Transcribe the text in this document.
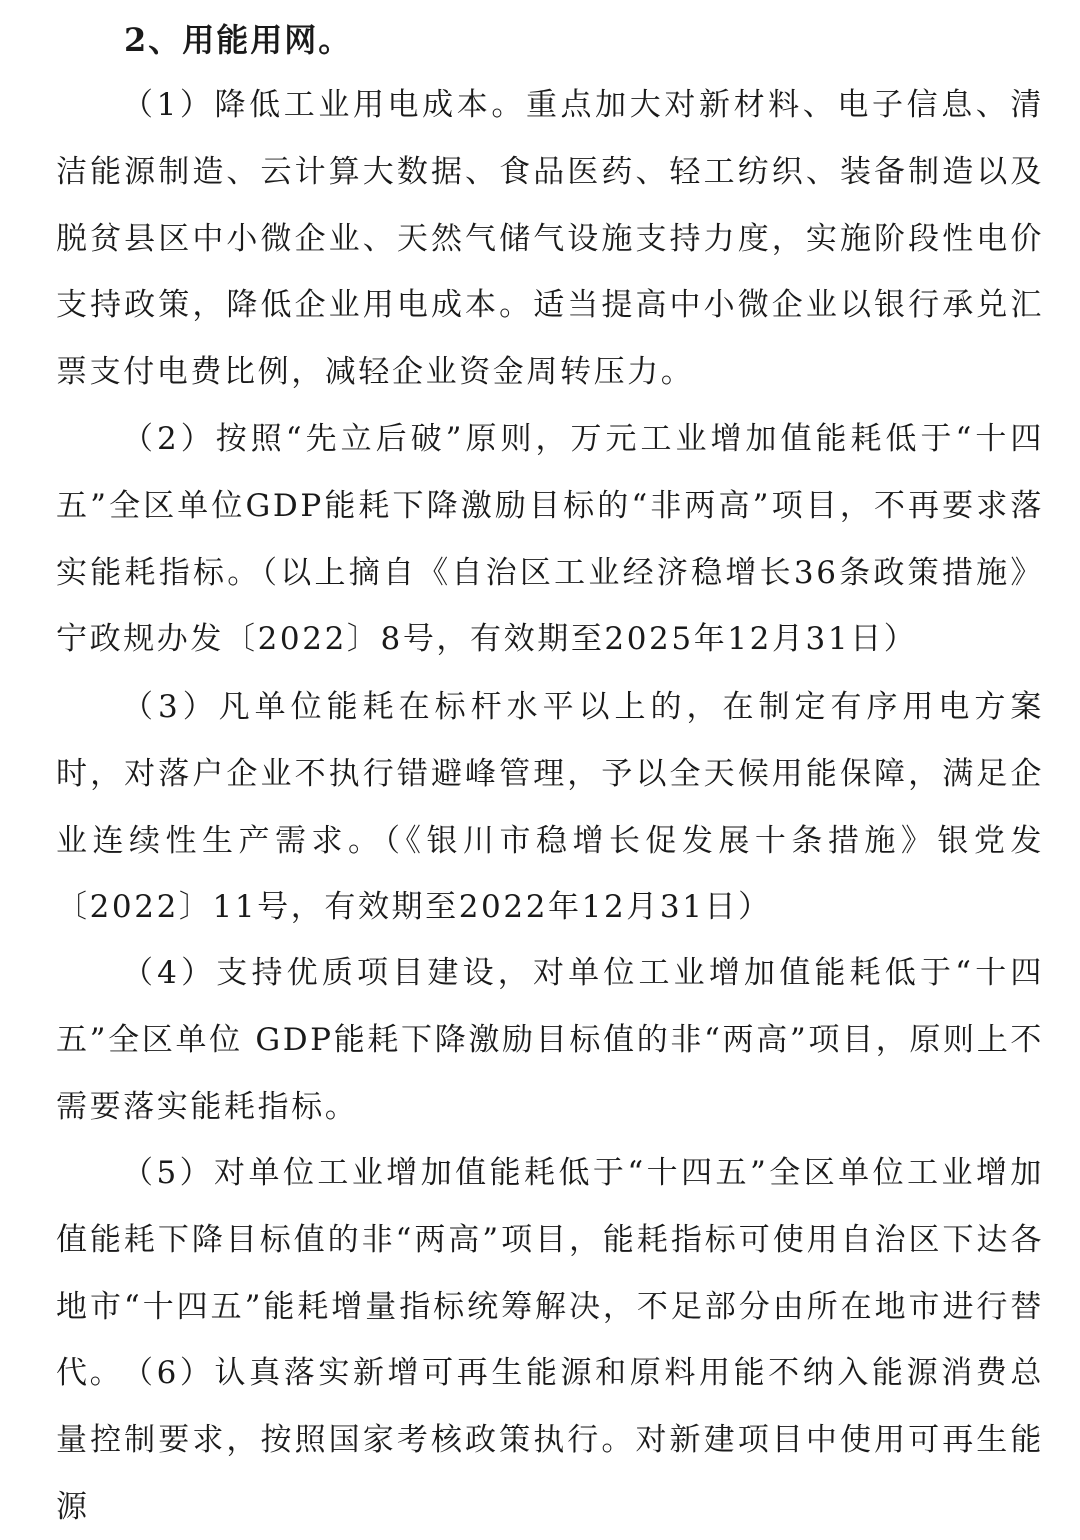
2、用能用网。

（1）降低工业用电成本。重点加大对新材料、电子信息、清洁能源制造、云计算大数据、食品医药、轻工纺织、装备制造以及脱贫县区中小微企业、天然气储气设施支持力度，实施阶段性电价支持政策，降低企业用电成本。适当提高中小微企业以银行承兑汇票支付电费比例，减轻企业资金周转压力。

（2）按照“先立后破”原则，万元工业增加值能耗低于“十四五”全区单位GDP能耗下降激励目标的“非两高”项目，不再要求落实能耗指标。（以上摘自《自治区工业经济稳增长36条政策措施》宁政规办发〔2022〕8号，有效期至2025年12月31日）

（3）凡单位能耗在标杆水平以上的，在制定有序用电方案时，对落户企业不执行错避峰管理，予以全天候用能保障，满足企业连续性生产需求。（《银川市稳增长促发展十条措施》银党发〔2022〕11号，有效期至2022年12月31日）

（4）支持优质项目建设，对单位工业增加值能耗低于“十四五”全区单位 GDP能耗下降激励目标值的非“两高”项目，原则上不需要落实能耗指标。

（5）对单位工业增加值能耗低于“十四五”全区单位工业增加值能耗下降目标值的非“两高”项目，能耗指标可使用自治区下达各地市“十四五”能耗增量指标统筹解决，不足部分由所在地市进行替代。

（6）认真落实新增可再生能源和原料用能不纳入能源消费总量控制要求，按照国家考核政策执行。对新建项目中使用可再生能源
